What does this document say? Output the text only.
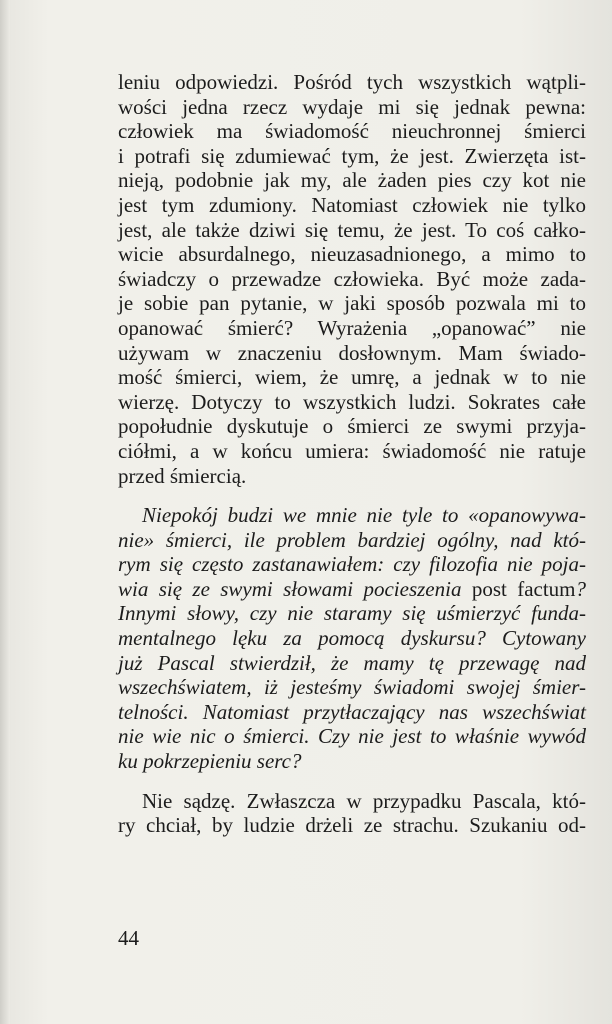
leniu odpowiedzi. Pośród tych wszystkich wątpli-
wości jedna rzecz wydaje mi się jednak pewna:
człowiek ma świadomość nieuchronnej śmierci
i potrafi się zdumiewać tym, że jest. Zwierzęta ist-
nieją, podobnie jak my, ale żaden pies czy kot nie
jest tym zdumiony. Natomiast człowiek nie tylko
jest, ale także dziwi się temu, że jest. To coś całko-
wicie absurdalnego, nieuzasadnionego, a mimo to
świadczy o przewadze człowieka. Być może zada-
je sobie pan pytanie, w jaki sposób pozwala mi to
opanować śmierć? Wyrażenia „opanować” nie
używam w znaczeniu dosłownym. Mam świado-
mość śmierci, wiem, że umrę, a jednak w to nie
wierzę. Dotyczy to wszystkich ludzi. Sokrates całe
popołudnie dyskutuje o śmierci ze swymi przyja-
ciółmi, a w końcu umiera: świadomość nie ratuje
przed śmiercią.

Niepokój budzi we mnie nie tyle to «opanowywa-
nie» śmierci, ile problem bardziej ogólny, nad któ-
rym się często zastanawiałem: czy filozofia nie poja-
wia się ze swymi słowami pocieszenia post factum?
Innymi słowy, czy nie staramy się uśmierzyć funda-
mentalnego lęku za pomocą dyskursu? Cytowany
już Pascal stwierdził, że mamy tę przewagę nad
wszechświatem, iż jesteśmy świadomi swojej śmier-
telności. Natomiast przytłaczający nas wszechświat
nie wie nic o śmierci. Czy nie jest to właśnie wywód
ku pokrzepieniu serc?

Nie sądzę. Zwłaszcza w przypadku Pascala, któ-
ry chciał, by ludzie drżeli ze strachu. Szukaniu od-

44
